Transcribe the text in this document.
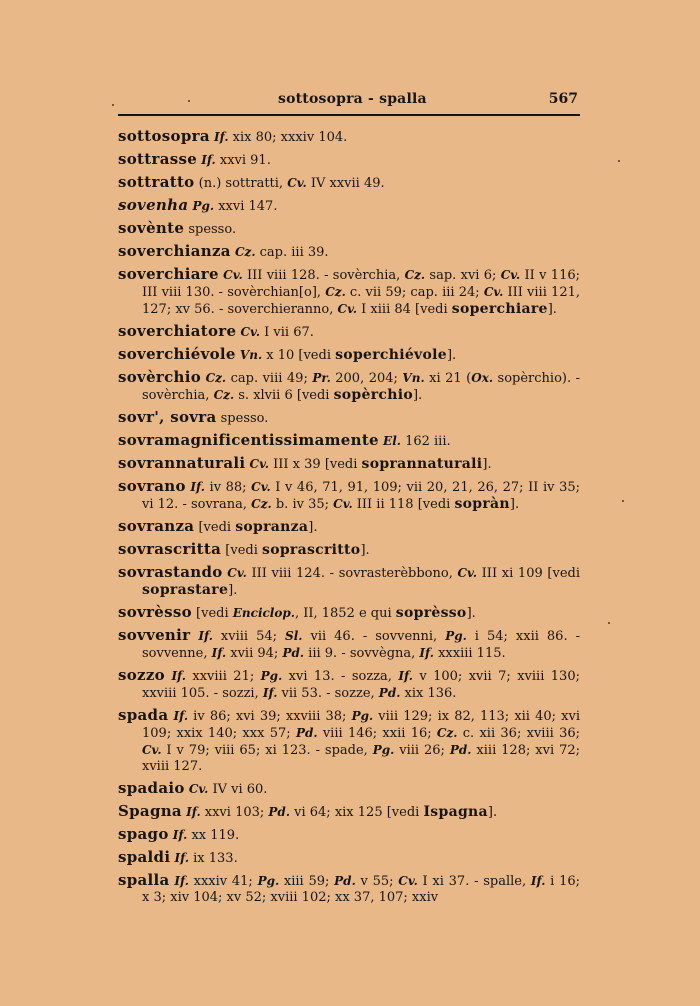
sottosopra - spalla	567
sottosopra If. xix 80; xxxiv 104.
sottrasse If. xxvi 91.
sottratto (n.) sottratti, Cv. IV xxvii 49.
sovenha Pg. xxvi 147.
sovènte spesso.
soverchianza Cz. cap. iii 39.
soverchiare Cv. III viii 128. - sovèrchia, Cz. sap. xvi 6; Cv. II v 116; III viii 130. - sovèrchian[o], Cz. c. vii 59; cap. iii 24; Cv. III viii 121, 127; xv 56. - soverchieranno, Cv. I xiii 84 [vedi soperchiare].
soverchiatore Cv. I vii 67.
soverchiévole Vn. x 10 [vedi soperchiévole].
sovèrchio Cz. cap. viii 49; Pr. 200, 204; Vn. xi 21 (Ox. sopèrchio). - sovèrchia, Cz. s. xlvii 6 [vedi sopèrchio].
sovr', sovra spesso.
sovramagnificentissimamente El. 162 iii.
sovrannaturali Cv. III x 39 [vedi soprannaturali].
sovrano If. iv 88; Cv. I v 46, 71, 91, 109; vii 20, 21, 26, 27; II iv 35; vi 12. - sovrana, Cz. b. iv 35; Cv. III ii 118 [vedi sopràn].
sovranza [vedi sopranza].
sovrascritta [vedi soprascritto].
sovrastando Cv. III viii 124. - sovrasterèbbono, Cv. III xi 109 [vedi soprastare].
sovrèsso [vedi Enciclop., II, 1852 e qui soprèsso].
sovvenir If. xviii 54; Sl. vii 46. - sovvenni, Pg. i 54; xxii 86. - sovvenne, If. xvii 94; Pd. iii 9. - sovvègna, If. xxxiii 115.
sozzo If. xxviii 21; Pg. xvi 13. - sozza, If. v 100; xvii 7; xviii 130; xxviii 105. - sozzi, If. vii 53. - sozze, Pd. xix 136.
spada If. iv 86; xvi 39; xxviii 38; Pg. viii 129; ix 82, 113; xii 40; xvi 109; xxix 140; xxx 57; Pd. viii 146; xxii 16; Cz. c. xii 36; xviii 36; Cv. I v 79; viii 65; xi 123. - spade, Pg. viii 26; Pd. xiii 128; xvi 72; xviii 127.
spadaio Cv. IV vi 60.
Spagna If. xxvi 103; Pd. vi 64; xix 125 [vedi Ispagna].
spago If. xx 119.
spaldi If. ix 133.
spalla If. xxxiv 41; Pg. xiii 59; Pd. v 55; Cv. I xi 37. - spalle, If. i 16; x 3; xiv 104; xv 52; xviii 102; xx 37, 107; xxiv
